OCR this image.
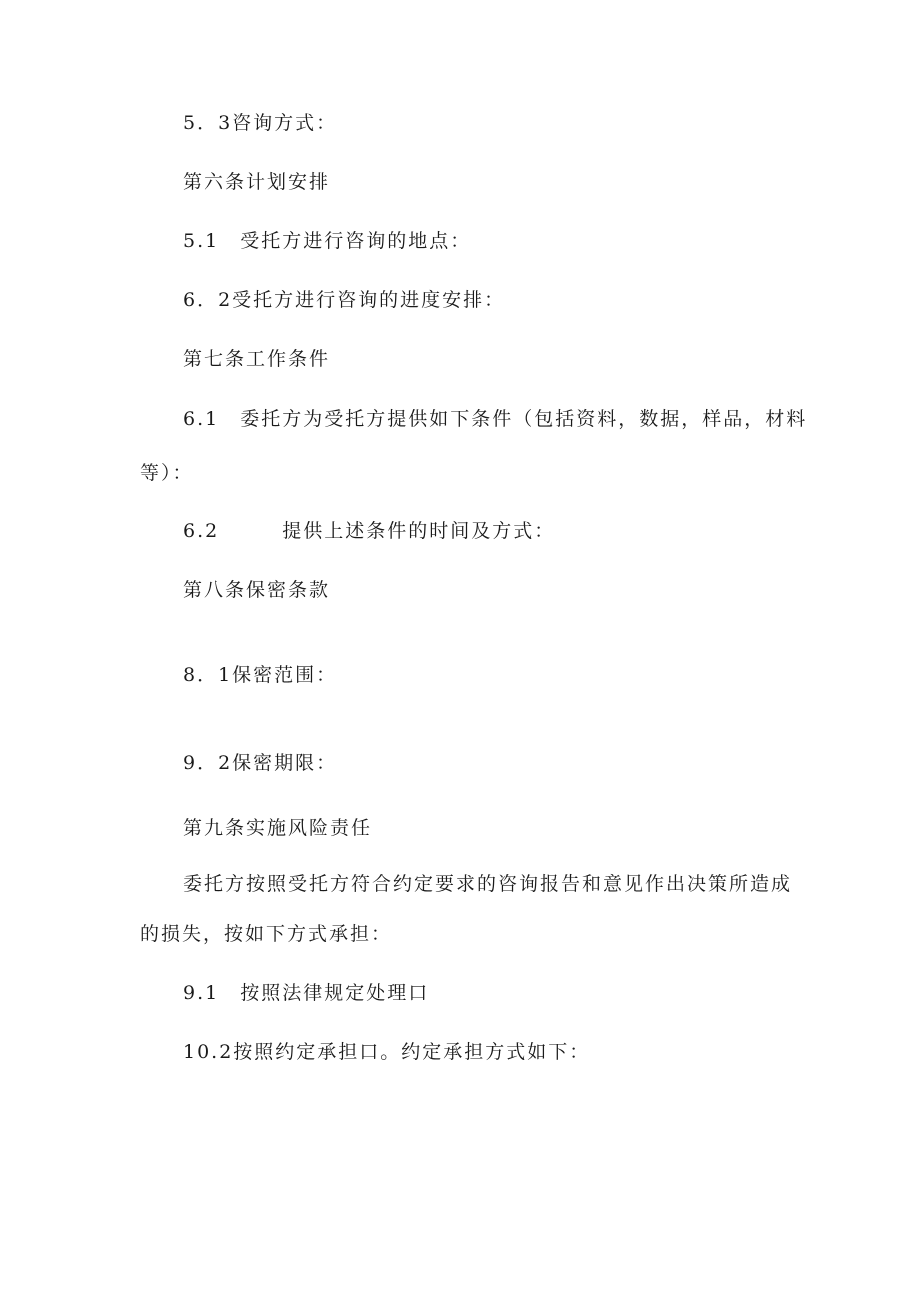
5．3咨询方式：
第六条计划安排
5.1　受托方进行咨询的地点：
6．2受托方进行咨询的进度安排：
第七条工作条件
6.1　委托方为受托方提供如下条件（包括资料，数据，样品，材料
等）：
6.2　　　提供上述条件的时间及方式：
第八条保密条款
8．1保密范围：
9．2保密期限：
第九条实施风险责任
委托方按照受托方符合约定要求的咨询报告和意见作出决策所造成
的损失，按如下方式承担：
9.1　按照法律规定处理口
10.2按照约定承担口。约定承担方式如下：
